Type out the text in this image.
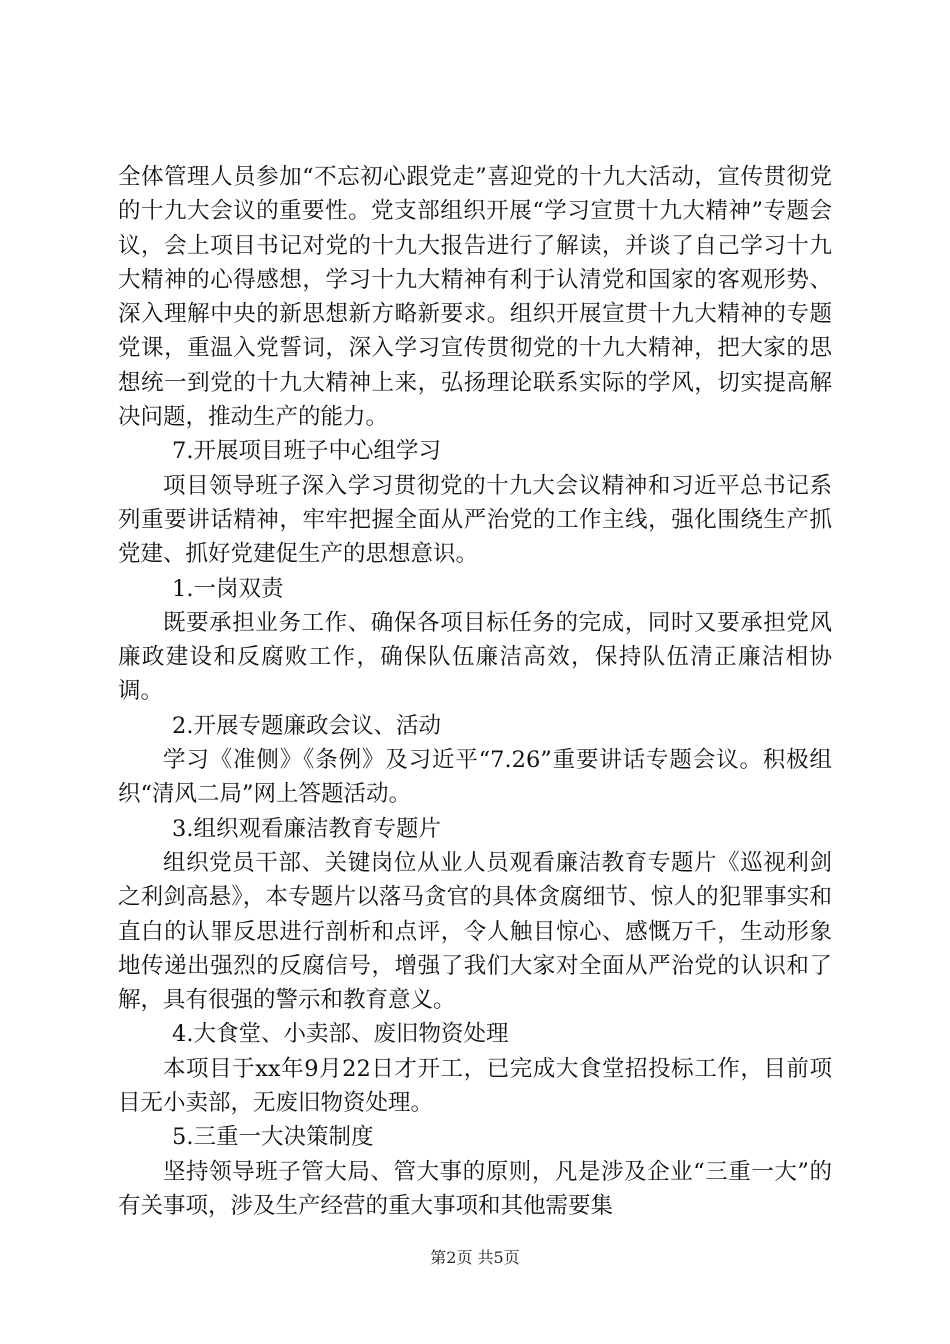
全体管理人员参加“不忘初心跟党走”喜迎党的十九大活动，宣传贯彻党的十九大会议的重要性。党支部组织开展“学习宣贯十九大精神”专题会议，会上项目书记对党的十九大报告进行了解读，并谈了自己学习十九大精神的心得感想，学习十九大精神有利于认清党和国家的客观形势、深入理解中央的新思想新方略新要求。组织开展宣贯十九大精神的专题党课，重温入党誓词，深入学习宣传贯彻党的十九大精神，把大家的思想统一到党的十九大精神上来，弘扬理论联系实际的学风，切实提高解决问题，推动生产的能力。

7.开展项目班子中心组学习

项目领导班子深入学习贯彻党的十九大会议精神和习近平总书记系列重要讲话精神，牢牢把握全面从严治党的工作主线，强化围绕生产抓党建、抓好党建促生产的思想意识。

1.一岗双责

既要承担业务工作、确保各项目标任务的完成，同时又要承担党风廉政建设和反腐败工作，确保队伍廉洁高效，保持队伍清正廉洁相协调。

2.开展专题廉政会议、活动

学习《准侧》《条例》及习近平“7.26”重要讲话专题会议。积极组织“清风二局”网上答题活动。

3.组织观看廉洁教育专题片

组织党员干部、关键岗位从业人员观看廉洁教育专题片《巡视利剑之利剑高悬》，本专题片以落马贪官的具体贪腐细节、惊人的犯罪事实和直白的认罪反思进行剖析和点评，令人触目惊心、感慨万千，生动形象地传递出强烈的反腐信号，增强了我们大家对全面从严治党的认识和了解，具有很强的警示和教育意义。

4.大食堂、小卖部、废旧物资处理

本项目于xx年9月22日才开工，已完成大食堂招投标工作，目前项目无小卖部，无废旧物资处理。

5.三重一大决策制度

坚持领导班子管大局、管大事的原则，凡是涉及企业“三重一大”的有关事项，涉及生产经营的重大事项和其他需要集

第2页 共5页
